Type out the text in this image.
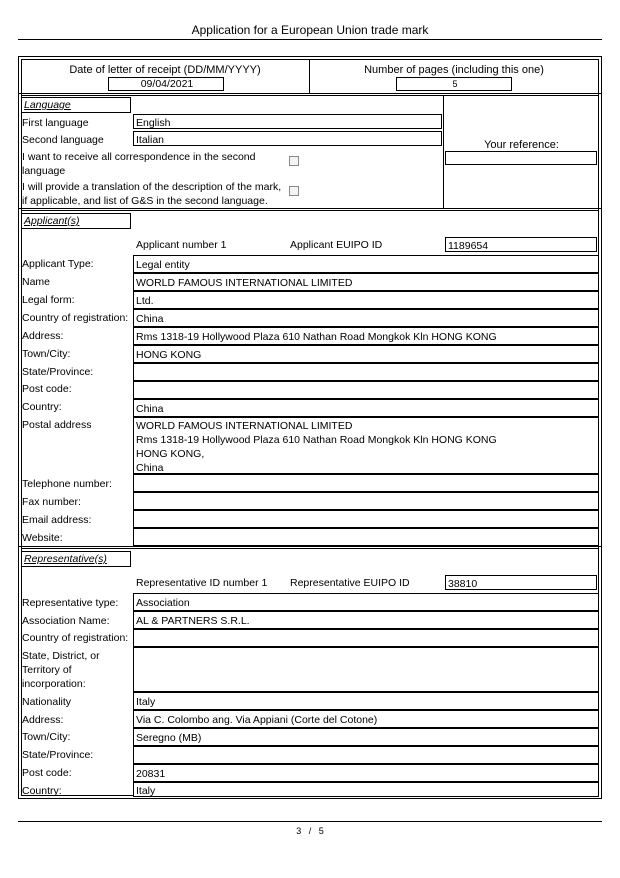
Application for a European Union trade mark
Date of letter of receipt (DD/MM/YYYY)
09/04/2021
Number of pages (including this one)
5
Language
First language	English
Second language	Italian
I want to receive all correspondence in the second
language
I will provide a translation of the description of the mark,
if applicable, and list of G&S in the second language.
Your reference:
Applicant(s)
Applicant number 1	Applicant EUIPO ID	1189654
Applicant Type:	Legal entity
Name	WORLD FAMOUS INTERNATIONAL LIMITED
Legal form:	Ltd.
Country of registration: China
Address:	Rms 1318-19 Hollywood Plaza 610 Nathan Road Mongkok Kln HONG KONG
Town/City:	HONG KONG
State/Province:
Post code:
Country:	China
Postal address	WORLD FAMOUS INTERNATIONAL LIMITED
Rms 1318-19 Hollywood Plaza 610 Nathan Road Mongkok Kln HONG KONG
HONG KONG,
China
Telephone number:
Fax number:
Email address:
Website:
Representative(s)
Representative ID number 1 Representative EUIPO ID	38810
Representative type: Association
Association Name:	AL & PARTNERS S.R.L.
Country of registration:
State, District, or
Territory of
incorporation:
Nationality	Italy
Address:	Via C. Colombo ang. Via Appiani (Corte del Cotone)
Town/City:	Seregno (MB)
State/Province:
Post code:	20831
Country:	Italy
3 / 5
